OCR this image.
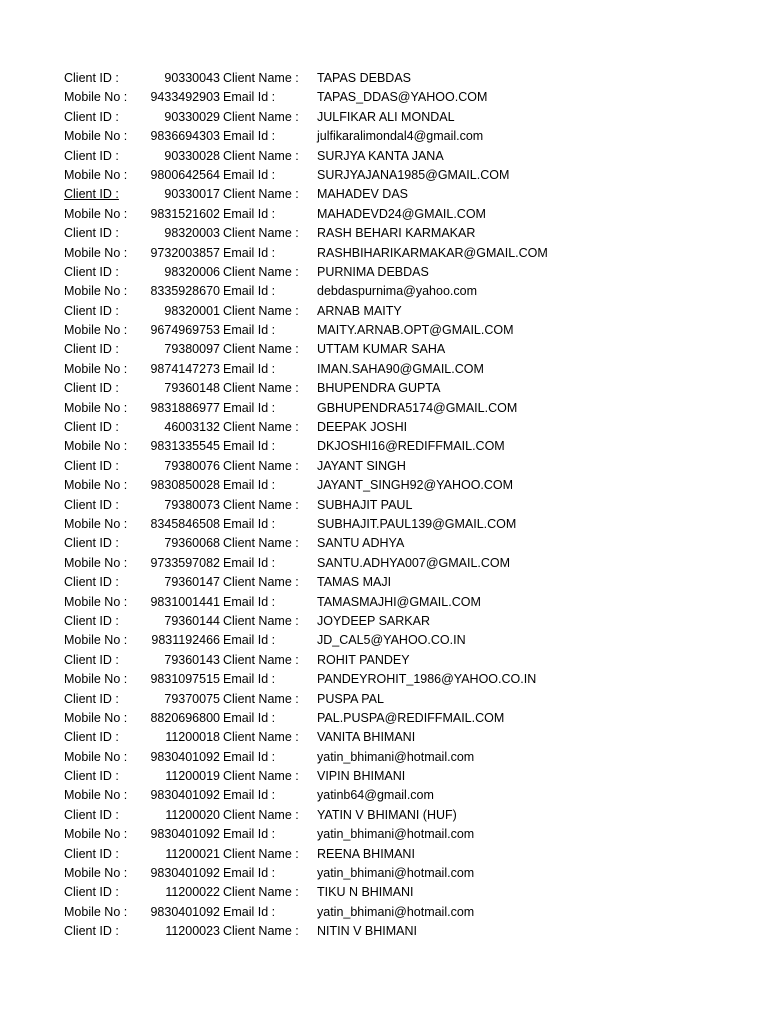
Client ID :	90330043 Client Name : TAPAS DEBDAS
Mobile No : 9433492903 Email Id :	TAPAS_DDAS@YAHOO.COM
Client ID :	90330029 Client Name : JULFIKAR ALI MONDAL
Mobile No : 9836694303 Email Id :	julfikaralimondal4@gmail.com
Client ID :	90330028 Client Name : SURJYA KANTA JANA
Mobile No : 9800642564 Email Id :	SURJYAJANA1985@GMAIL.COM
Client ID :	90330017 Client Name : MAHADEV DAS
Mobile No : 9831521602 Email Id :	MAHADEVD24@GMAIL.COM
Client ID :	98320003 Client Name : RASH BEHARI KARMAKAR
Mobile No : 9732003857 Email Id :	RASHBIHARIKARMAKAR@GMAIL.COM
Client ID :	98320006 Client Name : PURNIMA DEBDAS
Mobile No : 8335928670 Email Id :	debdaspurnima@yahoo.com
Client ID :	98320001 Client Name : ARNAB MAITY
Mobile No : 9674969753 Email Id :	MAITY.ARNAB.OPT@GMAIL.COM
Client ID :	79380097 Client Name : UTTAM KUMAR SAHA
Mobile No : 9874147273 Email Id :	IMAN.SAHA90@GMAIL.COM
Client ID :	79360148 Client Name : BHUPENDRA GUPTA
Mobile No : 9831886977 Email Id :	GBHUPENDRA5174@GMAIL.COM
Client ID :	46003132 Client Name : DEEPAK JOSHI
Mobile No : 9831335545 Email Id :	DKJOSHI16@REDIFFMAIL.COM
Client ID :	79380076 Client Name : JAYANT SINGH
Mobile No : 9830850028 Email Id :	JAYANT_SINGH92@YAHOO.COM
Client ID :	79380073 Client Name : SUBHAJIT PAUL
Mobile No : 8345846508 Email Id :	SUBHAJIT.PAUL139@GMAIL.COM
Client ID :	79360068 Client Name : SANTU ADHYA
Mobile No : 9733597082 Email Id :	SANTU.ADHYA007@GMAIL.COM
Client ID :	79360147 Client Name : TAMAS MAJI
Mobile No : 9831001441 Email Id :	TAMASMAJHI@GMAIL.COM
Client ID :	79360144 Client Name : JOYDEEP SARKAR
Mobile No : 9831192466 Email Id :	JD_CAL5@YAHOO.CO.IN
Client ID :	79360143 Client Name : ROHIT PANDEY
Mobile No : 9831097515 Email Id :	PANDEYROHIT_1986@YAHOO.CO.IN
Client ID :	79370075 Client Name : PUSPA PAL
Mobile No : 8820696800 Email Id :	PAL.PUSPA@REDIFFMAIL.COM
Client ID :	11200018 Client Name : VANITA BHIMANI
Mobile No : 9830401092 Email Id :	yatin_bhimani@hotmail.com
Client ID :	11200019 Client Name : VIPIN BHIMANI
Mobile No : 9830401092 Email Id :	yatinb64@gmail.com
Client ID :	11200020 Client Name : YATIN V BHIMANI (HUF)
Mobile No : 9830401092 Email Id :	yatin_bhimani@hotmail.com
Client ID :	11200021 Client Name : REENA BHIMANI
Mobile No : 9830401092 Email Id :	yatin_bhimani@hotmail.com
Client ID :	11200022 Client Name : TIKU N BHIMANI
Mobile No : 9830401092 Email Id :	yatin_bhimani@hotmail.com
Client ID :	11200023 Client Name : NITIN V BHIMANI
